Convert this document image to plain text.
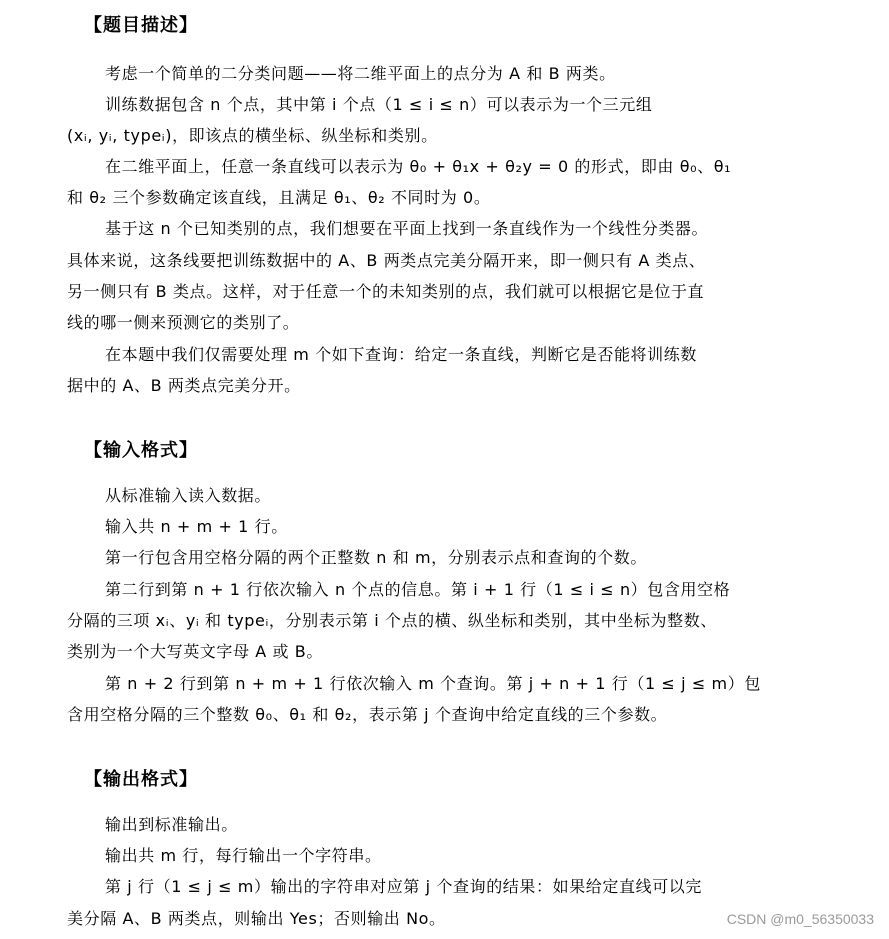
【题目描述】
考虑一个简单的二分类问题——将二维平面上的点分为 A 和 B 两类。
训练数据包含 n 个点，其中第 i 个点（1 ≤ i ≤ n）可以表示为一个三元组
(xᵢ, yᵢ, typeᵢ)，即该点的横坐标、纵坐标和类别。
在二维平面上，任意一条直线可以表示为 θ₀ + θ₁x + θ₂y = 0 的形式，即由 θ₀、θ₁
和 θ₂ 三个参数确定该直线，且满足 θ₁、θ₂ 不同时为 0。
基于这 n 个已知类别的点，我们想要在平面上找到一条直线作为一个线性分类器。
具体来说，这条线要把训练数据中的 A、B 两类点完美分隔开来，即一侧只有 A 类点、
另一侧只有 B 类点。这样，对于任意一个的未知类别的点，我们就可以根据它是位于直
线的哪一侧来预测它的类别了。
在本题中我们仅需要处理 m 个如下查询：给定一条直线，判断它是否能将训练数
据中的 A、B 两类点完美分开。
【输入格式】
从标准输入读入数据。
输入共 n + m + 1 行。
第一行包含用空格分隔的两个正整数 n 和 m，分别表示点和查询的个数。
第二行到第 n + 1 行依次输入 n 个点的信息。第 i + 1 行（1 ≤ i ≤ n）包含用空格
分隔的三项 xᵢ、yᵢ 和 typeᵢ，分别表示第 i 个点的横、纵坐标和类别，其中坐标为整数、
类别为一个大写英文字母 A 或 B。
第 n + 2 行到第 n + m + 1 行依次输入 m 个查询。第 j + n + 1 行（1 ≤ j ≤ m）包
含用空格分隔的三个整数 θ₀、θ₁ 和 θ₂，表示第 j 个查询中给定直线的三个参数。
【输出格式】
输出到标准输出。
输出共 m 行，每行输出一个字符串。
第 j 行（1 ≤ j ≤ m）输出的字符串对应第 j 个查询的结果：如果给定直线可以完
美分隔 A、B 两类点，则输出 Yes；否则输出 No。	CSDN @m0_56350033
